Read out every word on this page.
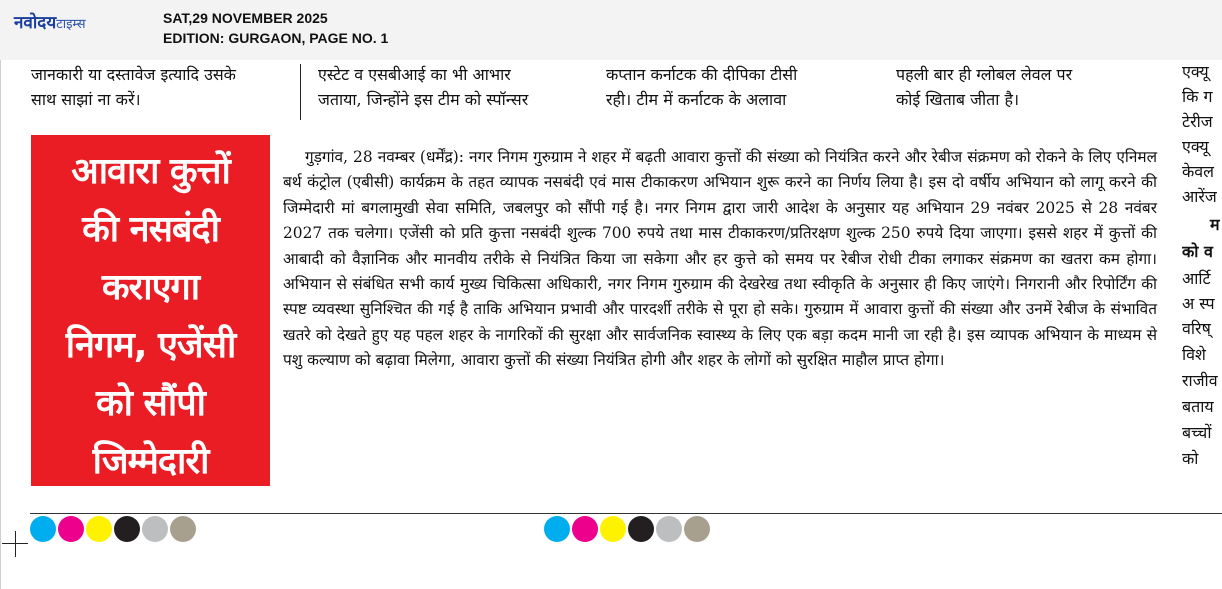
नवोदयटाइम्स	SAT,29 NOVEMBER 2025
EDITION: GURGAON, PAGE NO. 1
जानकारी या दस्तावेज इत्यादि उसके
साथ साझां ना करें।
एस्टेट व एसबीआई का भी आभार
जताया, जिन्होंने इस टीम को स्पॉन्सर
कप्तान कर्नाटक की दीपिका टीसी
रही। टीम में कर्नाटक के अलावा
पहली बार ही ग्लोबल लेवल पर
कोई खिताब जीता है।
आवारा कुत्तों
की नसबंदी
कराएगा
निगम, एजेंसी
को सौंपी
जिम्मेदारी
गुड़गांव, 28 नवम्बर (धर्मेंद्र): नगर निगम गुरुग्राम ने शहर में बढ़ती आवारा कुत्तों की संख्या को नियंत्रित करने और रेबीज संक्रमण को रोकने के लिए एनिमल बर्थ कंट्रोल (एबीसी) कार्यक्रम के तहत व्यापक नसबंदी एवं मास टीकाकरण अभियान शुरू करने का निर्णय लिया है। इस दो वर्षीय अभियान को लागू करने की जिम्मेदारी मां बगलामुखी सेवा समिति, जबलपुर को सौंपी गई है। नगर निगम द्वारा जारी आदेश के अनुसार यह अभियान 29 नवंबर 2025 से 28 नवंबर 2027 तक चलेगा। एजेंसी को प्रति कुत्ता नसबंदी शुल्क 700 रुपये तथा मास टीकाकरण/प्रतिरक्षण शुल्क 250 रुपये दिया जाएगा। इससे शहर में कुत्तों की आबादी को वैज्ञानिक और मानवीय तरीके से नियंत्रित किया जा सकेगा और हर कुत्ते को समय पर रेबीज रोधी टीका लगाकर संक्रमण का खतरा कम होगा। अभियान से संबंधित सभी कार्य मुख्य चिकित्सा अधिकारी, नगर निगम गुरुग्राम की देखरेख तथा स्वीकृति के अनुसार ही किए जाएंगे। निगरानी और रिपोर्टिंग की स्पष्ट व्यवस्था सुनिश्चित की गई है ताकि अभियान प्रभावी और पारदर्शी तरीके से पूरा हो सके। गुरुग्राम में आवारा कुत्तों की संख्या और उनमें रेबीज के संभावित खतरे को देखते हुए यह पहल शहर के नागरिकों की सुरक्षा और सार्वजनिक स्वास्थ्य के लिए एक बड़ा कदम मानी जा रही है। इस व्यापक अभियान के माध्यम से पशु कल्याण को बढ़ावा मिलेगा, आवारा कुत्तों की संख्या नियंत्रित होगी और शहर के लोगों को सुरक्षित माहौल प्राप्त होगा।
एक्यू
कि ग
टेरीज
एक्यू
केवल
आरेंज
म
को व
आर्टि
अ स्प
वरिष्
विशे
राजीव
बताय
बच्चों
को
